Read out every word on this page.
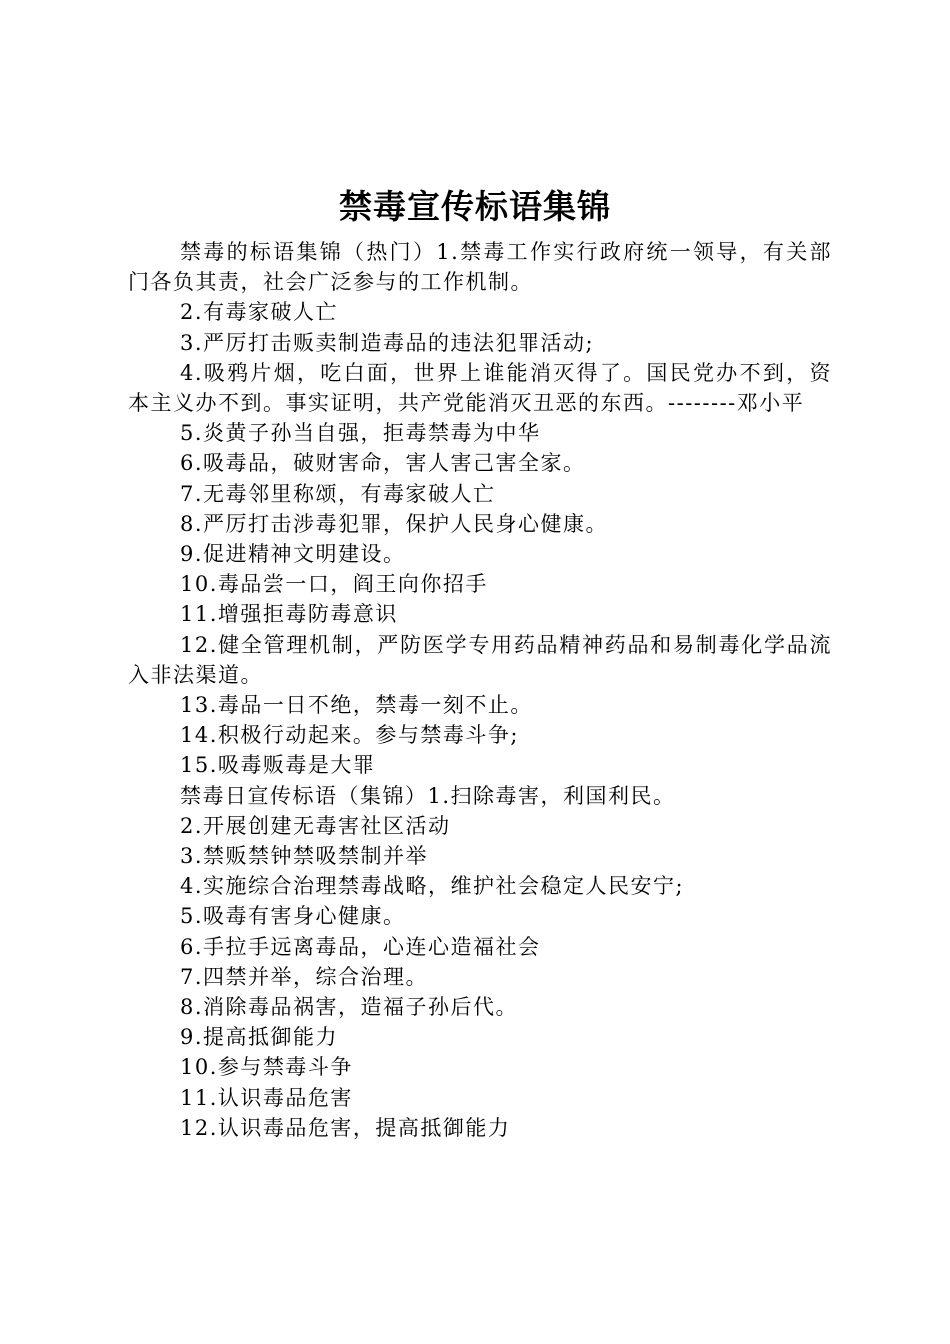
禁毒宣传标语集锦

禁毒的标语集锦（热门）1.禁毒工作实行政府统一领导，有关部门各负其责，社会广泛参与的工作机制。

2.有毒家破人亡

3.严厉打击贩卖制造毒品的违法犯罪活动;

4.吸鸦片烟，吃白面，世界上谁能消灭得了。国民党办不到，资本主义办不到。事实证明，共产党能消灭丑恶的东西。--------邓小平

5.炎黄子孙当自强，拒毒禁毒为中华

6.吸毒品，破财害命，害人害己害全家。

7.无毒邻里称颂，有毒家破人亡

8.严厉打击涉毒犯罪，保护人民身心健康。

9.促进精神文明建设。

10.毒品尝一口，阎王向你招手

11.增强拒毒防毒意识

12.健全管理机制，严防医学专用药品精神药品和易制毒化学品流入非法渠道。

13.毒品一日不绝，禁毒一刻不止。

14.积极行动起来。参与禁毒斗争;

15.吸毒贩毒是大罪

禁毒日宣传标语（集锦）1.扫除毒害，利国利民。

2.开展创建无毒害社区活动

3.禁贩禁钟禁吸禁制并举

4.实施综合治理禁毒战略，维护社会稳定人民安宁;

5.吸毒有害身心健康。

6.手拉手远离毒品，心连心造福社会

7.四禁并举，综合治理。

8.消除毒品祸害，造福子孙后代。

9.提高抵御能力

10.参与禁毒斗争

11.认识毒品危害

12.认识毒品危害，提高抵御能力
